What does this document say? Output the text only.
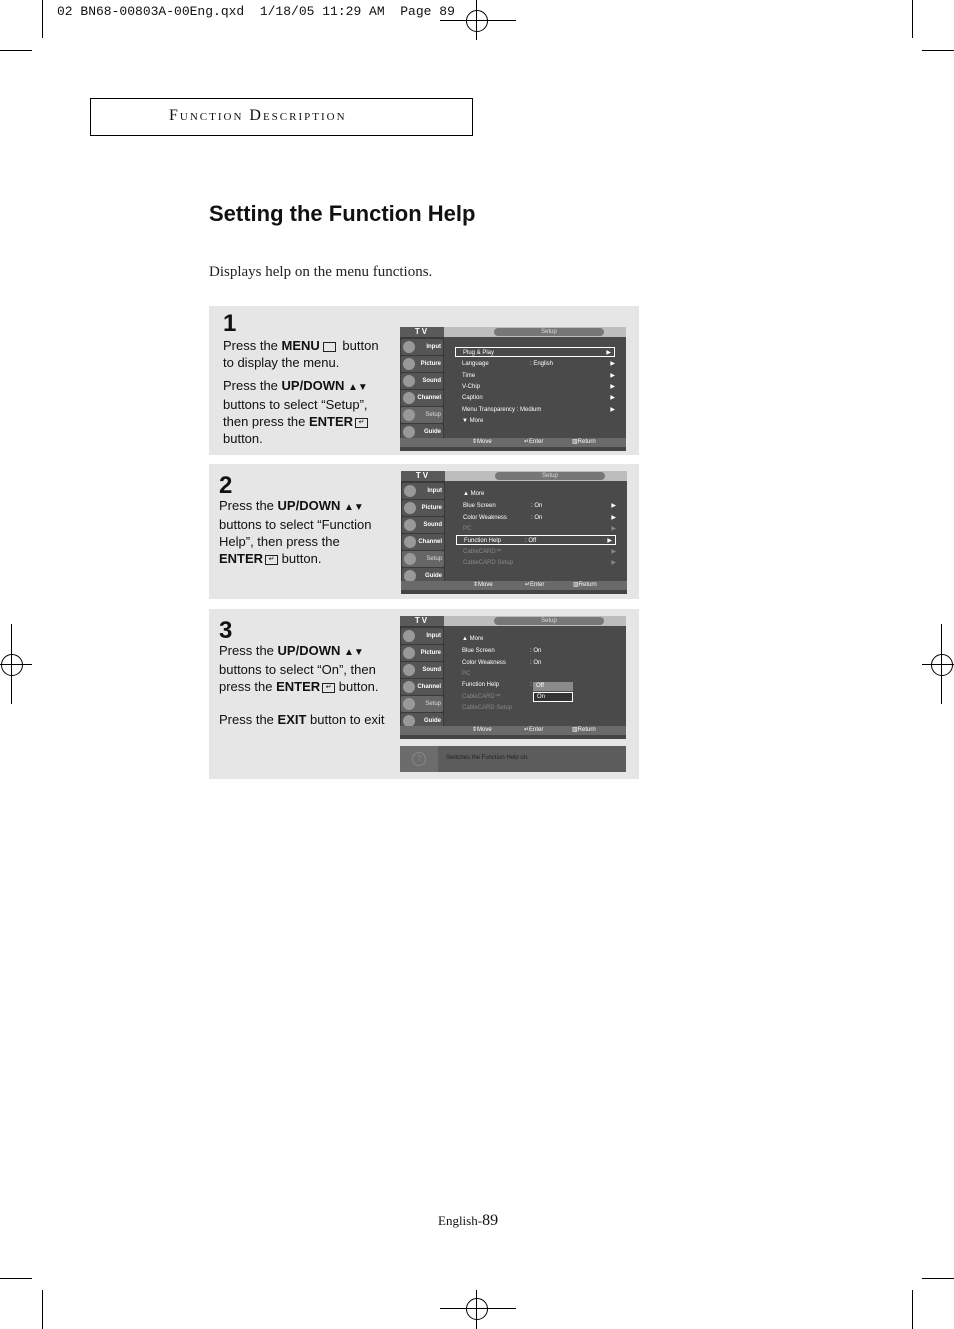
02 BN68-00803A-00Eng.qxd  1/18/05 11:29 AM  Page 89
Function Description
Setting the Function Help
Displays help on the menu functions.
1

Press the MENU button to display the menu.

Press the UP/DOWN ▲▼ buttons to select “Setup”, then press the ENTER ↵ button.

TV	Setup
Input
Picture
Sound
Channel
Setup
Guide
Plug & Play	▶
Language	: English	▶
Time	▶
V-Chip	▶
Caption	▶
Menu Transparency : Medium	▶
▼ More
⇕ Move	↵ Enter	▥ Return
2

Press the UP/DOWN ▲▼ buttons to select “Function Help”, then press the ENTER ↵ button.

TV	Setup
Input
Picture
Sound
Channel
Setup
Guide
▲ More
Blue Screen	: On	▶
Color Weakness	: On	▶
PC	▶
Function Help	: Off	▶
CableCARD™	▶
CableCARD Setup	▶
⇕ Move	↵ Enter	▥ Return
3

Press the UP/DOWN ▲▼ buttons to select “On”, then press the ENTER ↵ button.

Press the EXIT button to exit

TV	Setup
Input
Picture
Sound
Channel
Setup
Guide
▲ More
Blue Screen	: On
Color Weakness	: On
PC
Function Help	:
CableCARD™
CableCARD Setup
Off
On
⇕ Move	↵ Enter	▥ Return
?	Switches the Function Help on.
English-89
